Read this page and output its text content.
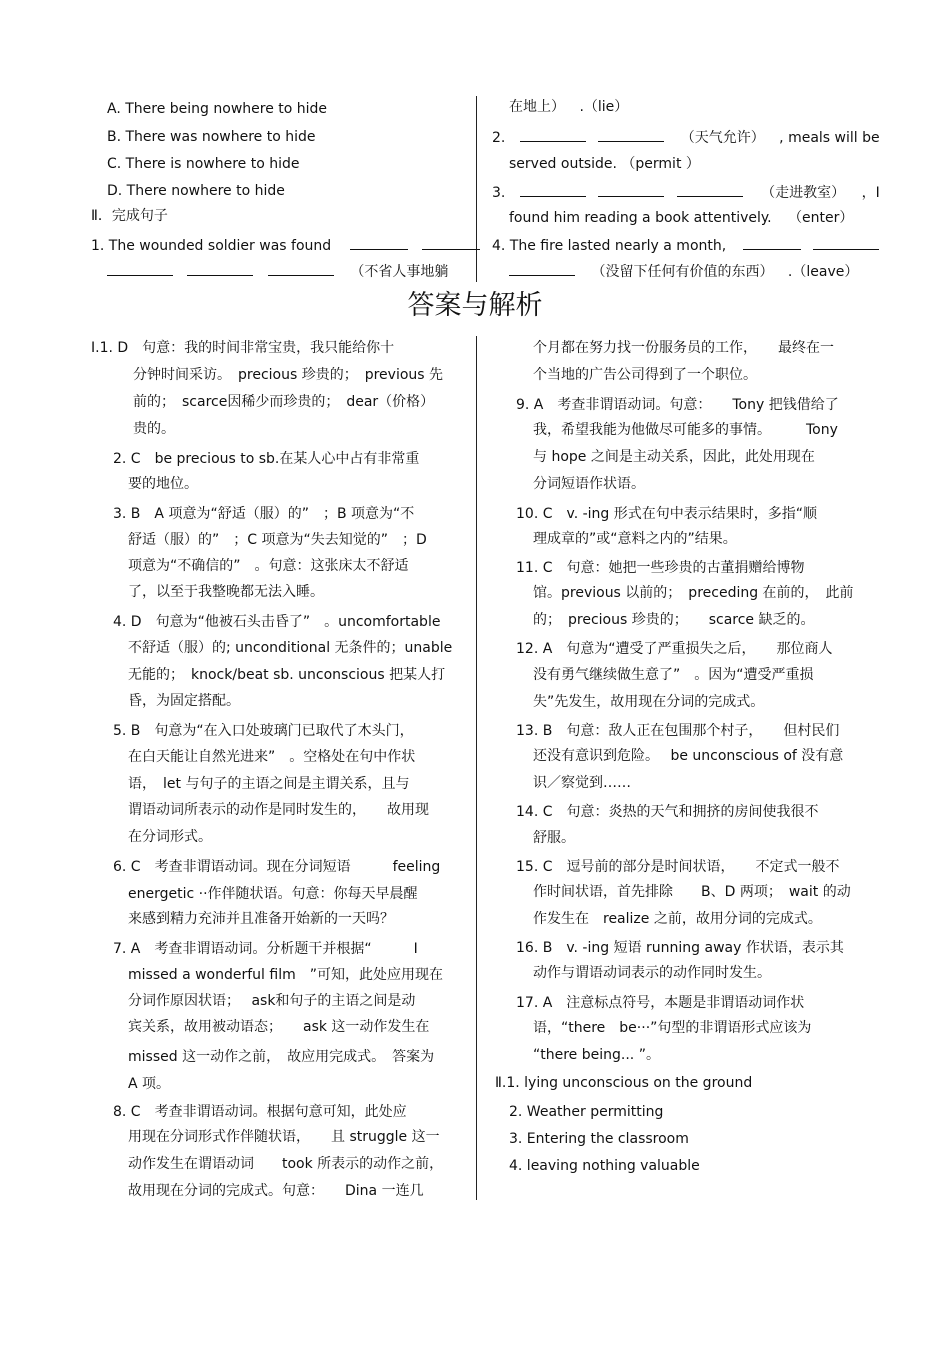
A. There being nowhere to hide
B. There was nowhere to hide
C. There is nowhere to hide
D. There nowhere to hide
Ⅱ．完成句子
1. The wounded soldier was found
（不省人事地躺
在地上） .（lie）
2.	（天气允许） , meals will be
served outside. （permit ）
3.	（走进教室） ，I
found him reading a book attentively. （enter）
4. The fire lasted nearly a month,
（没留下任何有价值的东西） .（leave）
答案与解析
Ⅰ.1. D　句意：我的时间非常宝贵，我只能给你十
分钟时间采访。　precious 珍贵的；　previous 先
前的；　scarce因稀少而珍贵的；　dear（价格）
贵的。
2. C　be precious to sb.在某人心中占有非常重
要的地位。
3. B　A 项意为“舒适（服）的”　；B 项意为“不
舒适（服）的”　；C 项意为“失去知觉的”　；D
项意为“不确信的”　。句意：这张床太不舒适
了，以至于我整晚都无法入睡。
4. D　句意为“他被石头击昏了”　。uncomfortable
不舒适（服）的; unconditional 无条件的；unable
无能的；　knock/beat sb. unconscious 把某人打
昏，为固定搭配。
5. B　句意为“在入口处玻璃门已取代了木头门，
在白天能让自然光进来”　。空格处在句中作状
语，　let 与句子的主语之间是主谓关系，且与
谓语动词所表示的动作是同时发生的，　　故用现
在分词形式。
6. C　考查非谓语动词。现在分词短语　　　feeling
energetic ··作伴随状语。句意：你每天早晨醒
来感到精力充沛并且准备开始新的一天吗？
7. A　考查非谓语动词。分析题干并根据“　　　I
missed a wonderful film　”可知，此处应用现在
分词作原因状语；　 ask和句子的主语之间是动
宾关系，故用被动语态；　　ask 这一动作发生在
missed 这一动作之前，　故应用完成式。　答案为
A 项。
8. C　考查非谓语动词。根据句意可知，此处应
用现在分词形式作伴随状语，　　且 struggle 这一
动作发生在谓语动词　　took 所表示的动作之前，
故用现在分词的完成式。句意：　　Dina 一连几
个月都在努力找一份服务员的工作，　　最终在一
个当地的广告公司得到了一个职位。
9. A　考查非谓语动词。句意：　　Tony 把钱借给了
我，希望我能为他做尽可能多的事情。　　　Tony
与 hope 之间是主动关系，因此，此处用现在
分词短语作状语。
10. C　v. -ing 形式在句中表示结果时，多指“顺
理成章的”或“意料之内的”结果。
11. C　句意：她把一些珍贵的古董捐赠给博物
馆。previous 以前的；　preceding 在前的，　此前
的；　precious 珍贵的；　　scarce 缺乏的。
12. A　句意为“遭受了严重损失之后，　　那位商人
没有勇气继续做生意了”　。因为“遭受严重损
失”先发生，故用现在分词的完成式。
13. B　句意：敌人正在包围那个村子，　　但村民们
还没有意识到危险。　 be unconscious of 没有意
识／察觉到……
14. C　句意：炎热的天气和拥挤的房间使我很不
舒服。
15. C　逗号前的部分是时间状语，　　不定式一般不
作时间状语，首先排除　　B、D 两项；　wait 的动
作发生在　realize 之前，故用分词的完成式。
16. B　v. -ing 短语 running away 作状语，表示其
动作与谓语动词表示的动作同时发生。
17. A　注意标点符号，本题是非谓语动词作状
语，“there　be···”句型的非谓语形式应该为
“there being... ”。
Ⅱ.1. lying unconscious on the ground
2. Weather permitting
3. Entering the classroom
4. leaving nothing valuable
